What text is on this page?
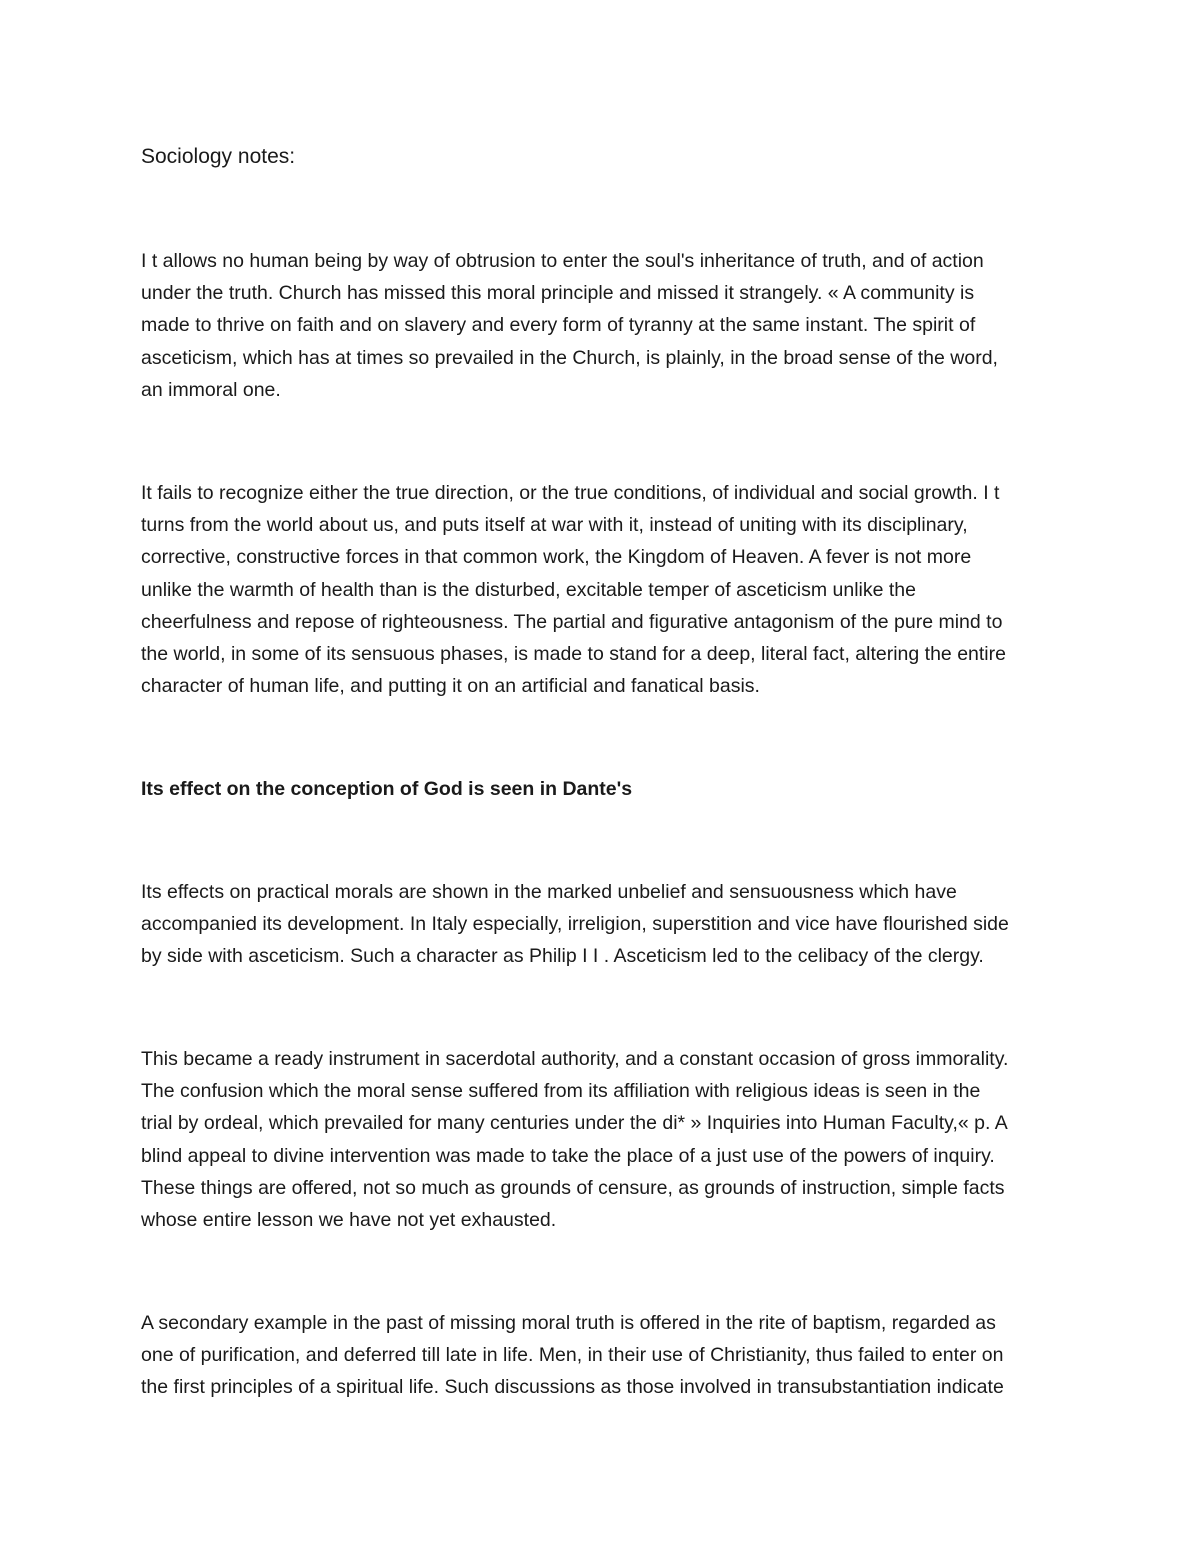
Sociology notes:

I t allows no human being by way of obtrusion to enter the soul's inheritance of truth, and of action
under the truth. Church has missed this moral principle and missed it strangely. « A community is
made to thrive on faith and on slavery and every form of tyranny at the same instant. The spirit of
asceticism, which has at times so prevailed in the Church, is plainly, in the broad sense of the word,
an immoral one.

It fails to recognize either the true direction, or the true conditions, of individual and social growth. I t
turns from the world about us, and puts itself at war with it, instead of uniting with its disciplinary,
corrective, constructive forces in that common work, the Kingdom of Heaven. A fever is not more
unlike the warmth of health than is the disturbed, excitable temper of asceticism unlike the
cheerfulness and repose of righteousness. The partial and figurative antagonism of the pure mind to
the world, in some of its sensuous phases, is made to stand for a deep, literal fact, altering the entire
character of human life, and putting it on an artificial and fanatical basis.

Its effect on the conception of God is seen in Dante's

Its effects on practical morals are shown in the marked unbelief and sensuousness which have
accompanied its development. In Italy especially, irreligion, superstition and vice have flourished side
by side with asceticism. Such a character as Philip I I . Asceticism led to the celibacy of the clergy.

This became a ready instrument in sacerdotal authority, and a constant occasion of gross immorality.
The confusion which the moral sense suffered from its affiliation with religious ideas is seen in the
trial by ordeal, which prevailed for many centuries under the di* » Inquiries into Human Faculty,« p. A
blind appeal to divine intervention was made to take the place of a just use of the powers of inquiry.
These things are offered, not so much as grounds of censure, as grounds of instruction, simple facts
whose entire lesson we have not yet exhausted.

A secondary example in the past of missing moral truth is offered in the rite of baptism, regarded as
one of purification, and deferred till late in life. Men, in their use of Christianity, thus failed to enter on
the first principles of a spiritual life. Such discussions as those involved in transubstantiation indicate
